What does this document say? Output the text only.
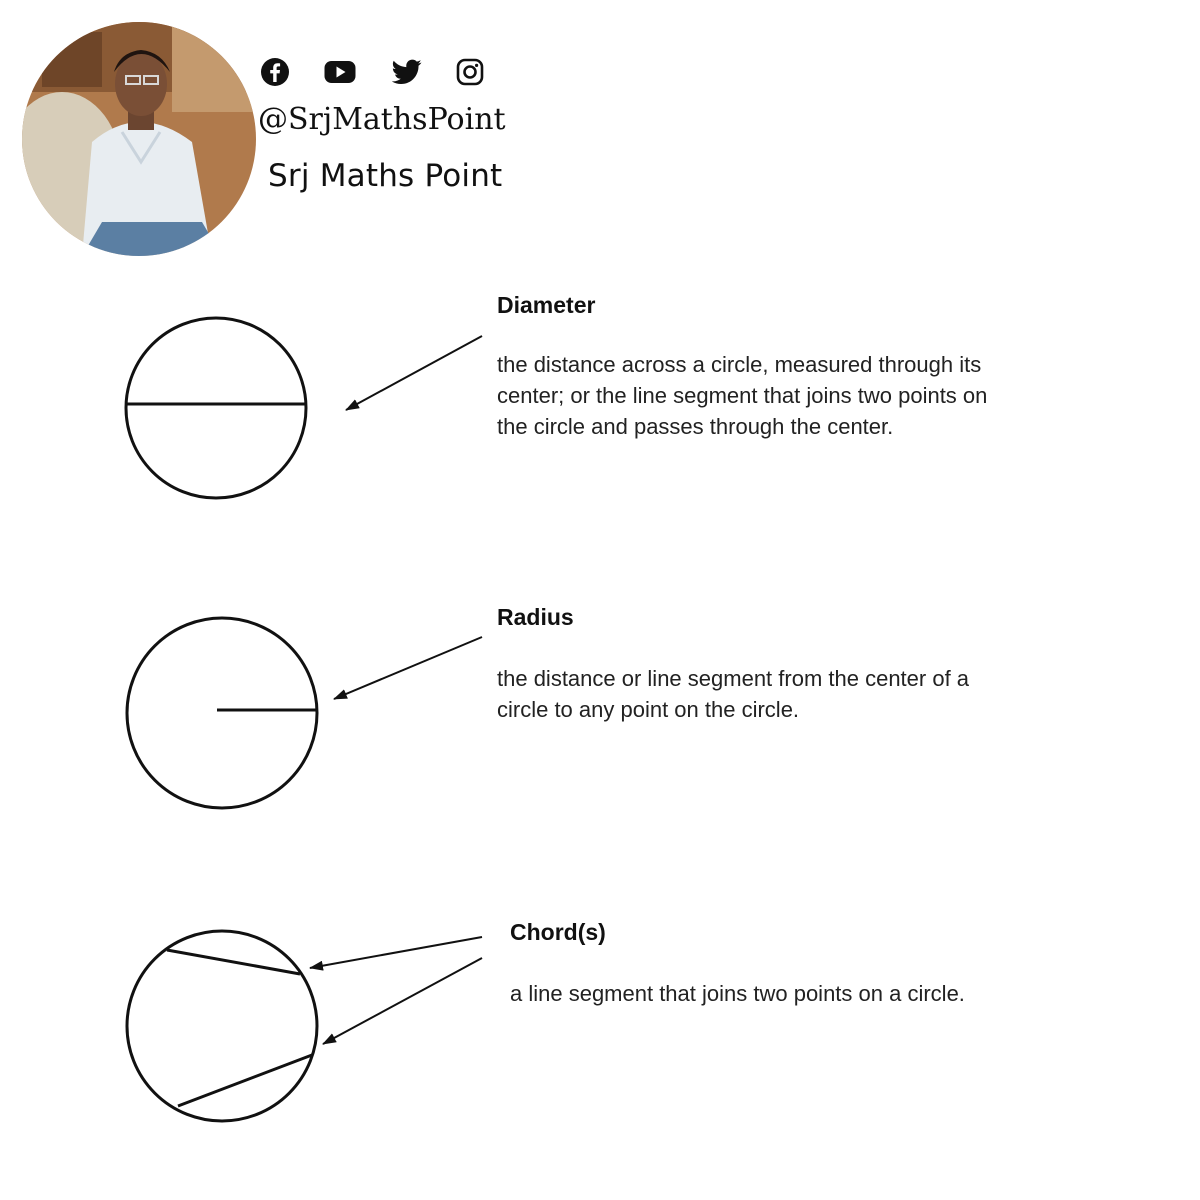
@SrjMathsPoint
Srj Maths Point
Diameter
the distance across a circle, measured through its
center; or the line segment that joins two points on
the circle and passes through the center.
Radius
the distance or line segment from the center of a
circle to any point on the circle.
Chord(s)
a line segment that joins two points on a circle.
